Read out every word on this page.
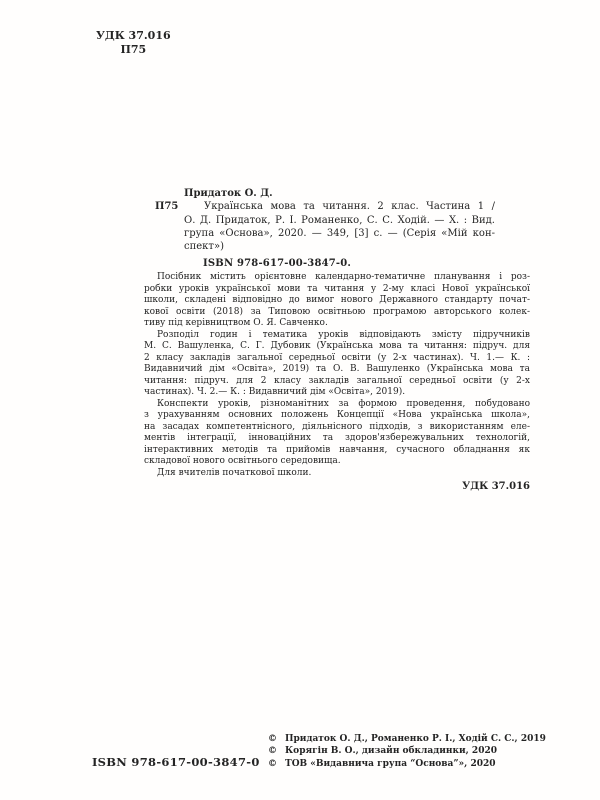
УДК 37.016
П75
Придаток О. Д.
П75	Українська мова та читання. 2 клас. Частина 1 /
О. Д. Придаток, Р. І. Романенко, С. С. Ходій. — Х. : Вид.
група «Основа», 2020. — 349, [3] с. — (Серія «Мій кон-
спект»)
ISBN 978-617-00-3847-0.
Посібник містить орієнтовне календарно-тематичне планування і роз-
робки уроків української мови та читання у 2-му класі Нової української
школи, складені відповідно до вимог нового Державного стандарту почат-
кової освіти (2018) за Типовою освітньою програмою авторського колек-
тиву під керівництвом О. Я. Савченко.
Розподіл годин і тематика уроків відповідають змісту підручників
М. С. Вашуленка, С. Г. Дубовик (Українська мова та читання: підруч. для
2 класу закладів загальної середньої освіти (у 2-х частинах). Ч. 1.— К. :
Видавничий дім «Освіта», 2019) та О. В. Вашуленко (Українська мова та
читання: підруч. для 2 класу закладів загальної середньої освіти (у 2-х
частинах). Ч. 2.— К. : Видавничий дім «Освіта», 2019).
Конспекти уроків, різноманітних за формою проведення, побудовано
з урахуванням основних положень Концепції «Нова українська школа»,
на засадах компетентнісного, діяльнісного підходів, з використанням еле-
ментів інтеграції, інноваційних та здоров'язбережувальних технологій,
інтерактивних методів та прийомів навчання, сучасного обладнання як
складової нового освітнього середовища.
Для вчителів початкової школи.
УДК 37.016
ISBN 978-617-00-3847-0
© Придаток О. Д., Романенко Р. І., Ходій С. С., 2019
© Корягін В. О., дизайн обкладинки, 2020
© ТОВ «Видавнича група “Основа”», 2020
